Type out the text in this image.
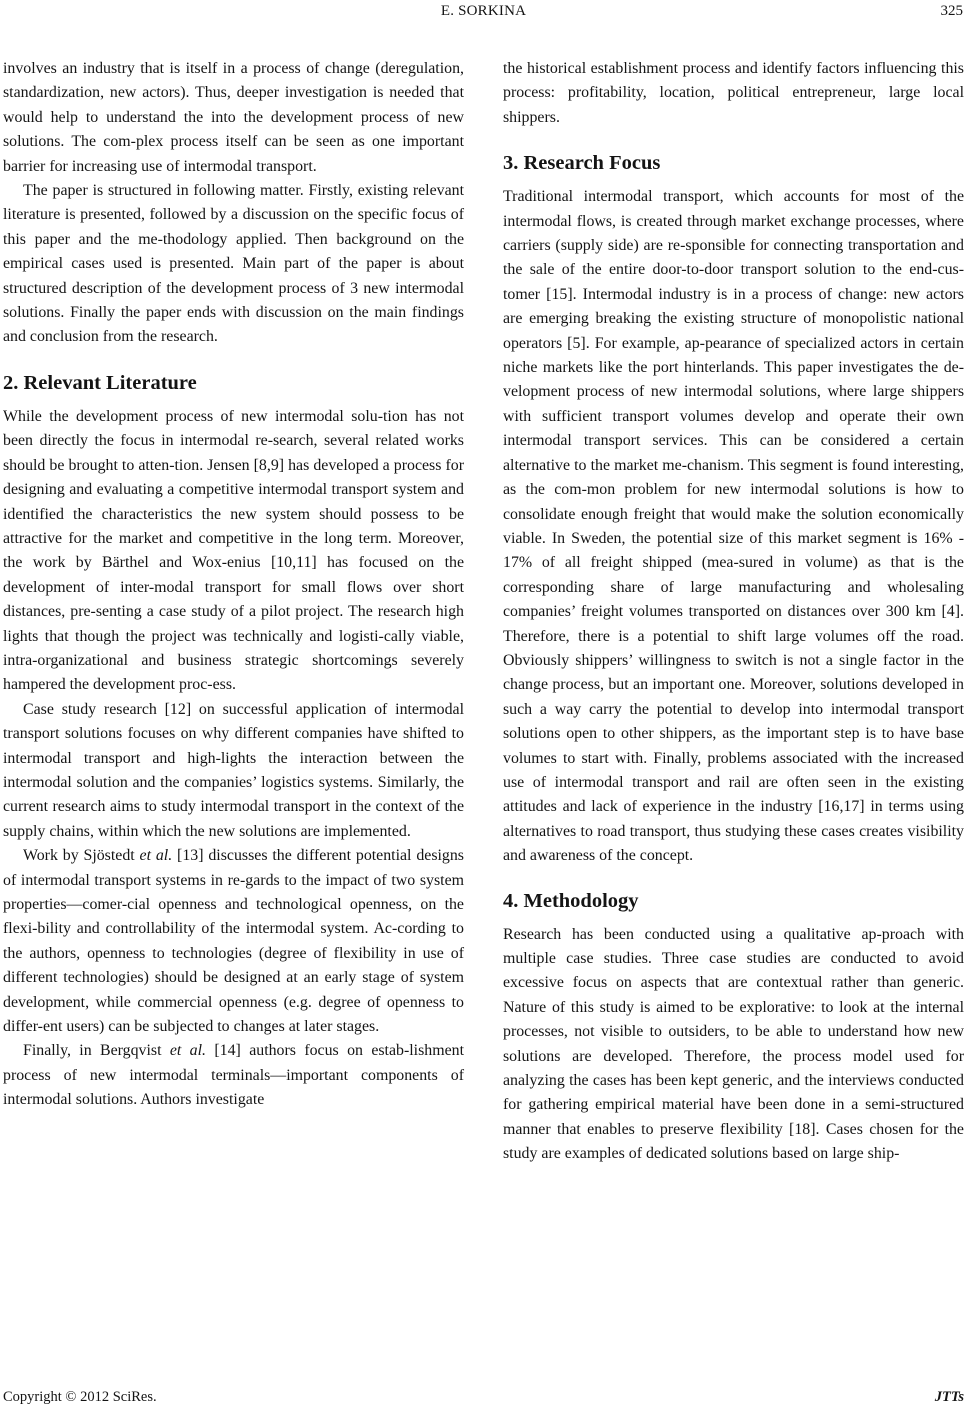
E. SORKINA	325

involves an industry that is itself in a process of change (deregulation, standardization, new actors). Thus, deeper investigation is needed that would help to understand the into the development process of new solutions. The com-plex process itself can be seen as one important barrier for increasing use of intermodal transport.

The paper is structured in following matter. Firstly, existing relevant literature is presented, followed by a discussion on the specific focus of this paper and the me-thodology applied. Then background on the empirical cases used is presented. Main part of the paper is about structured description of the development process of 3 new intermodal solutions. Finally the paper ends with discussion on the main findings and conclusion from the research.

2. Relevant Literature

While the development process of new intermodal solu-tion has not been directly the focus in intermodal re-search, several related works should be brought to atten-tion. Jensen [8,9] has developed a process for designing and evaluating a competitive intermodal transport system and identified the characteristics the new system should possess to be attractive for the market and competitive in the long term. Moreover, the work by Bärthel and Wox-enius [10,11] has focused on the development of inter-modal transport for small flows over short distances, pre-senting a case study of a pilot project. The research high lights that though the project was technically and logisti-cally viable, intra-organizational and business strategic shortcomings severely hampered the development proc-ess.

Case study research [12] on successful application of intermodal transport solutions focuses on why different companies have shifted to intermodal transport and high-lights the interaction between the intermodal solution and the companies’ logistics systems. Similarly, the current research aims to study intermodal transport in the context of the supply chains, within which the new solutions are implemented.

Work by Sjöstedt et al. [13] discusses the different potential designs of intermodal transport systems in re-gards to the impact of two system properties—comer-cial openness and technological openness, on the flexi-bility and controllability of the intermodal system. Ac-cording to the authors, openness to technologies (degree of flexibility in use of different technologies) should be designed at an early stage of system development, while commercial openness (e.g. degree of openness to differ-ent users) can be subjected to changes at later stages.

Finally, in Bergqvist et al. [14] authors focus on estab-lishment process of new intermodal terminals—important components of intermodal solutions. Authors investigate

the historical establishment process and identify factors influencing this process: profitability, location, political entrepreneur, large local shippers.

3. Research Focus

Traditional intermodal transport, which accounts for most of the intermodal flows, is created through market exchange processes, where carriers (supply side) are re-sponsible for connecting transportation and the sale of the entire door-to-door transport solution to the end-cus-tomer [15]. Intermodal industry is in a process of change: new actors are emerging breaking the existing structure of monopolistic national operators [5]. For example, ap-pearance of specialized actors in certain niche markets like the port hinterlands. This paper investigates the de-velopment process of new intermodal solutions, where large shippers with sufficient transport volumes develop and operate their own intermodal transport services. This can be considered a certain alternative to the market me-chanism. This segment is found interesting, as the com-mon problem for new intermodal solutions is how to consolidate enough freight that would make the solution economically viable. In Sweden, the potential size of this market segment is 16% - 17% of all freight shipped (mea-sured in volume) as that is the corresponding share of large manufacturing and wholesaling companies’ freight volumes transported on distances over 300 km [4]. Therefore, there is a potential to shift large volumes off the road. Obviously shippers’ willingness to switch is not a single factor in the change process, but an important one. Moreover, solutions developed in such a way carry the potential to develop into intermodal transport solutions open to other shippers, as the important step is to have base volumes to start with. Finally, problems associated with the increased use of intermodal transport and rail are often seen in the existing attitudes and lack of experience in the industry [16,17] in terms using alternatives to road transport, thus studying these cases creates visibility and awareness of the concept.

4. Methodology

Research has been conducted using a qualitative ap-proach with multiple case studies. Three case studies are conducted to avoid excessive focus on aspects that are contextual rather than generic. Nature of this study is aimed to be explorative: to look at the internal processes, not visible to outsiders, to be able to understand how new solutions are developed. Therefore, the process model used for analyzing the cases has been kept generic, and the interviews conducted for gathering empirical material have been done in a semi-structured manner that enables to preserve flexibility [18]. Cases chosen for the study are examples of dedicated solutions based on large ship-

Copyright © 2012 SciRes.	JTTs
